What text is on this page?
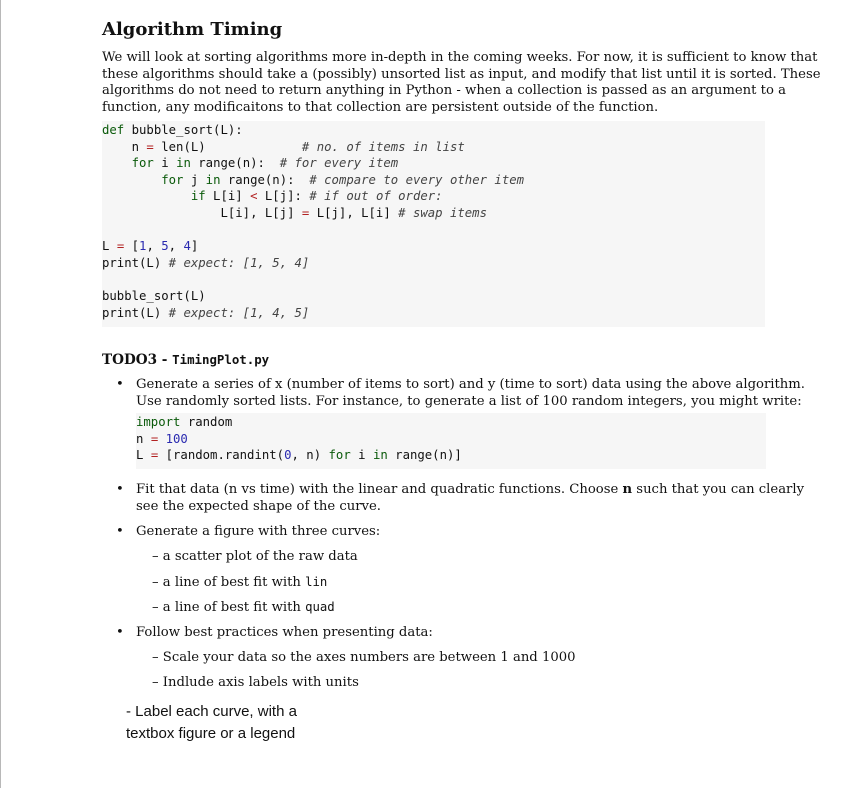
Algorithm Timing
We will look at sorting algorithms more in-depth in the coming weeks. For now, it is sufficient to know that
these algorithms should take a (possibly) unsorted list as input, and modify that list until it is sorted. These
algorithms do not need to return anything in Python - when a collection is passed as an argument to a
function, any modificaitons to that collection are persistent outside of the function.
def bubble_sort(L):
n = len(L)             # no. of items in list
for i in range(n):  # for every item
for j in range(n):  # compare to every other item
if L[i] < L[j]: # if out of order:
L[i], L[j] = L[j], L[i] # swap items

L = [1, 5, 4]
print(L) # expect: [1, 5, 4]

bubble_sort(L)
print(L) # expect: [1, 4, 5]
TODO3 - TimingPlot.py
• Generate a series of x (number of items to sort) and y (time to sort) data using the above algorithm.
Use randomly sorted lists. For instance, to generate a list of 100 random integers, you might write:
import random
n = 100
L = [random.randint(0, n) for i in range(n)]
• Fit that data (n vs time) with the linear and quadratic functions. Choose n such that you can clearly
see the expected shape of the curve.
• Generate a figure with three curves:
– a scatter plot of the raw data
– a line of best fit with lin
– a line of best fit with quad
• Follow best practices when presenting data:
– Scale your data so the axes numbers are between 1 and 1000
– Indlude axis labels with units
- Label each curve, with a
textbox figure or a legend
